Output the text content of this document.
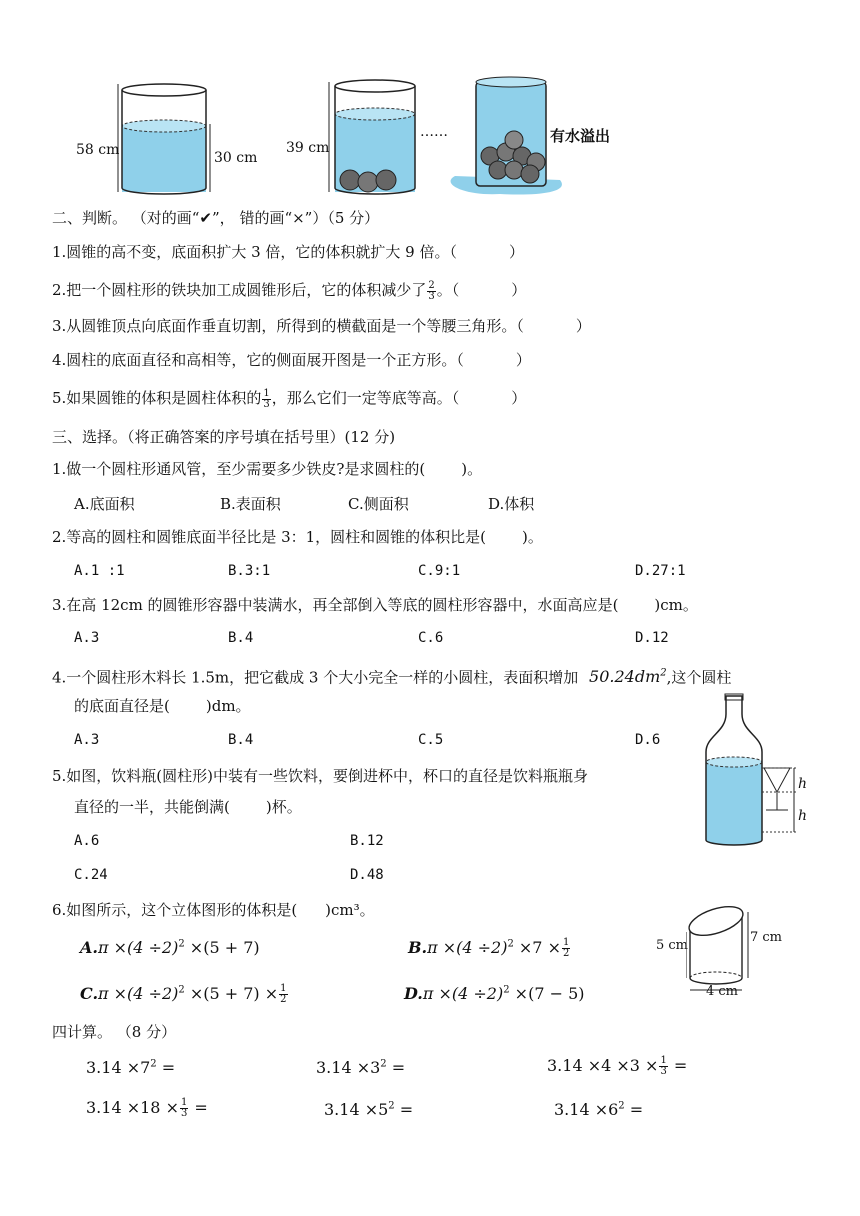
58 cm	30 cm
39 cm
……	有水溢出
二、判断。 （对的画“✔”， 错的画“×”）（5 分）
1.圆锥的高不变，底面积扩大 3 倍，它的体积就扩大 9 倍。（	）
2.把一个圆柱形的铁块加工成圆锥形后，它的体积减少了 $\frac{2}{3}$ 。（	）
3.从圆锥顶点向底面作垂直切割，所得到的横截面是一个等腰三角形。（	）
4.圆柱的底面直径和高相等，它的侧面展开图是一个正方形。（	）
5.如果圆锥的体积是圆柱体积的 $\frac{1}{3}$ ，那么它们一定等底等高。（	）
三、选择。（将正确答案的序号填在括号里）(12 分)
1.做一个圆柱形通风管，至少需要多少铁皮?是求圆柱的( )。
A.底面积	B.表面积	C.侧面积	D.体积
2.等高的圆柱和圆锥底面半径比是 3：1，圆柱和圆锥的体积比是( )。
A.1 :1	B.3:1	C.9:1	D.27:1
3.在高 12cm 的圆锥形容器中装满水，再全部倒入等底的圆柱形容器中，水面高应是( )cm。
A.3	B.4	C.6	D.12
4.一个圆柱形木料长 1.5m，把它截成 3 个大小完全一样的小圆柱，表面积增加 $50.24dm^2$,这个圆柱
的底面直径是( )dm。
A.3	B.4	C.5	D.6
h
h
5.如图，饮料瓶(圆柱形)中装有一些饮料，要倒进杯中，杯口的直径是饮料瓶瓶身
直径的一半，共能倒满( )杯。
A.6	B.12
C.24	D.48
6.如图所示，这个立体图形的体积是( )cm³。
$A.\pi \times(4 \div 2)^2 \times(5 + 7)$	$B.\pi \times(4 \div 2)^2 \times 7 \times \frac{1}{2}$
$C.\pi \times(4 \div 2)^2 \times(5 + 7) \times \frac{1}{2}$	$D.\pi \times(4 \div 2)^2 \times(7 - 5)$
5 cm
7 cm
4 cm
四计算。 （8 分）
$3.14 \times 7^2$ =	$3.14 \times 3^2$ =	$3.14 \times 4 \times 3 \times \frac{1}{3}$ =
$3.14 \times 18 \times \frac{1}{3}$ =	$3.14 \times 5^2$ =	$3.14 \times 6^2$ =
